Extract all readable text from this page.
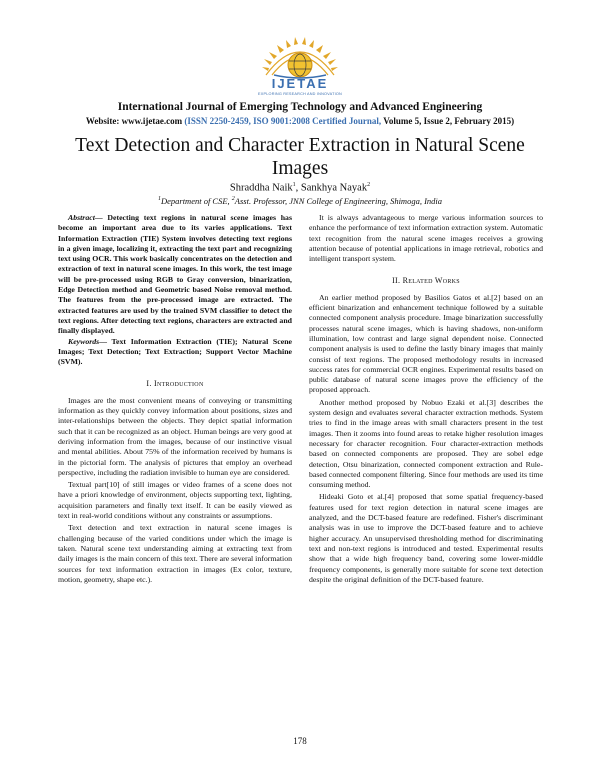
IJETAE
EXPLORING RESEARCH AND INNOVATION
International Journal of Emerging Technology and Advanced Engineering
Website: www.ijetae.com (ISSN 2250-2459, ISO 9001:2008 Certified Journal, Volume 5, Issue 2, February 2015)
Text Detection and Character Extraction in Natural Scene Images
Shraddha Naik$^1$, Sankhya Nayak$^2$
$^1$Department of CSE, $^2$Asst. Professor, JNN College of Engineering, Shimoga, India

Abstract— Detecting text regions in natural scene images has become an important area due to its varies applications. Text Information Extraction (TIE) System involves detecting text regions in a given image, localizing it, extracting the text part and recognizing text using OCR. This work basically concentrates on the detection and extraction of text in natural scene images. In this work, the test image will be pre-processed using RGB to Gray conversion, binarization, Edge Detection method and Geometric based Noise removal method. The features from the pre-processed image are extracted. The extracted features are used by the trained SVM classifier to detect the text regions. After detecting text regions, characters are extracted and finally displayed.

Keywords— Text Information Extraction (TIE); Natural Scene Images; Text Detection; Text Extraction; Support Vector Machine (SVM).

I. Introduction

Images are the most convenient means of conveying or transmitting information as they quickly convey information about positions, sizes and inter-relationships between the objects. They depict spatial information such that it can be recognized as an object. Human beings are very good at deriving information from the images, because of our instinctive visual and mental abilities. About 75% of the information received by humans is in the pictorial form. The analysis of pictures that employ an overhead perspective, including the radiation invisible to human eye are considered.

Textual part[10] of still images or video frames of a scene does not have a priori knowledge of environment, objects supporting text, lighting, acquisition parameters and finally text itself. It can be easily viewed as text in real-world conditions without any constraints or assumptions.

Text detection and text extraction in natural scene images is challenging because of the varied conditions under which the image is taken. Natural scene text understanding aiming at extracting text from daily images is the main concern of this text. There are several information sources for text information extraction in images (Ex color, texture, motion, geometry, shape etc.).

It is always advantageous to merge various information sources to enhance the performance of text information extraction system. Automatic text recognition from the natural scene images receives a growing attention because of potential applications in image retrieval, robotics and intelligent transport system.

II. Related Works

An earlier method proposed by Basilios Gatos et al.[2] based on an efficient binarization and enhancement technique followed by a suitable connected component analysis procedure. Image binarization successfully processes natural scene images, which is having shadows, non-uniform illumination, low contrast and large signal dependent noise. Connected component analysis is used to define the lastly binary images that mainly consist of text regions. The proposed methodology results in increased success rates for commercial OCR engines. Experimental results based on public database of natural scene images prove the efficiency of the proposed approach.

Another method proposed by Nobuo Ezaki et al.[3] describes the system design and evaluates several character extraction methods. System tries to find in the image areas with small characters present in the test images. Then it zooms into found areas to retake higher resolution images necessary for character recognition. Four character-extraction methods based on connected components are proposed. They are sobel edge detection, Otsu binarization, connected component extraction and Rule-based connected component filtering. Since four methods are used its time consuming method.

Hideaki Goto et al.[4] proposed that some spatial frequency-based features used for text region detection in natural scene images are analyzed, and the DCT-based feature are redefined. Fisher's discriminant analysis was in use to improve the DCT-based feature and to achieve higher accuracy. An unsupervised thresholding method for discriminating text and non-text regions is introduced and tested. Experimental results show that a wide high frequency band, covering some lower-middle frequency components, is generally more suitable for scene text detection despite the original definition of the DCT-based feature.

178
